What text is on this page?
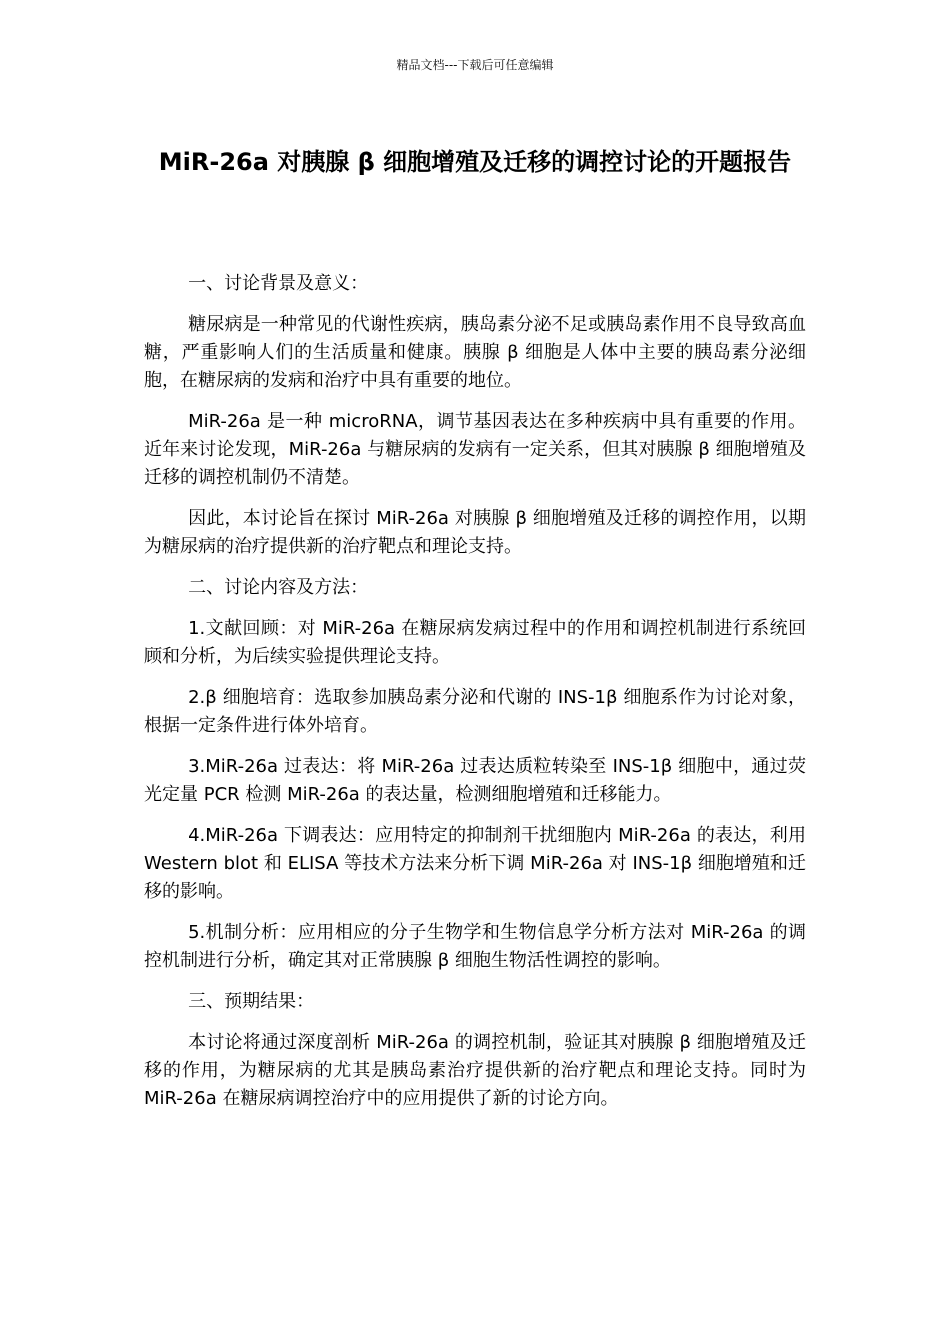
精品文档---下载后可任意编辑
MiR-26a 对胰腺 β 细胞增殖及迁移的调控讨论的开题报告

一、讨论背景及意义：

糖尿病是一种常见的代谢性疾病，胰岛素分泌不足或胰岛素作用不良导致高血糖，严重影响人们的生活质量和健康。胰腺 β 细胞是人体中主要的胰岛素分泌细胞，在糖尿病的发病和治疗中具有重要的地位。

MiR-26a 是一种 microRNA，调节基因表达在多种疾病中具有重要的作用。近年来讨论发现，MiR-26a 与糖尿病的发病有一定关系，但其对胰腺 β 细胞增殖及迁移的调控机制仍不清楚。

因此，本讨论旨在探讨 MiR-26a 对胰腺 β 细胞增殖及迁移的调控作用，以期为糖尿病的治疗提供新的治疗靶点和理论支持。

二、讨论内容及方法：

1.文献回顾：对 MiR-26a 在糖尿病发病过程中的作用和调控机制进行系统回顾和分析，为后续实验提供理论支持。

2.β 细胞培育：选取参加胰岛素分泌和代谢的 INS-1β 细胞系作为讨论对象，根据一定条件进行体外培育。

3.MiR-26a 过表达：将 MiR-26a 过表达质粒转染至 INS-1β 细胞中，通过荧光定量 PCR 检测 MiR-26a 的表达量，检测细胞增殖和迁移能力。

4.MiR-26a 下调表达：应用特定的抑制剂干扰细胞内 MiR-26a 的表达，利用 Western blot 和 ELISA 等技术方法来分析下调 MiR-26a 对 INS-1β 细胞增殖和迁移的影响。

5.机制分析：应用相应的分子生物学和生物信息学分析方法对 MiR-26a 的调控机制进行分析，确定其对正常胰腺 β 细胞生物活性调控的影响。

三、预期结果：

本讨论将通过深度剖析 MiR-26a 的调控机制，验证其对胰腺 β 细胞增殖及迁移的作用，为糖尿病的尤其是胰岛素治疗提供新的治疗靶点和理论支持。同时为 MiR-26a 在糖尿病调控治疗中的应用提供了新的讨论方向。
